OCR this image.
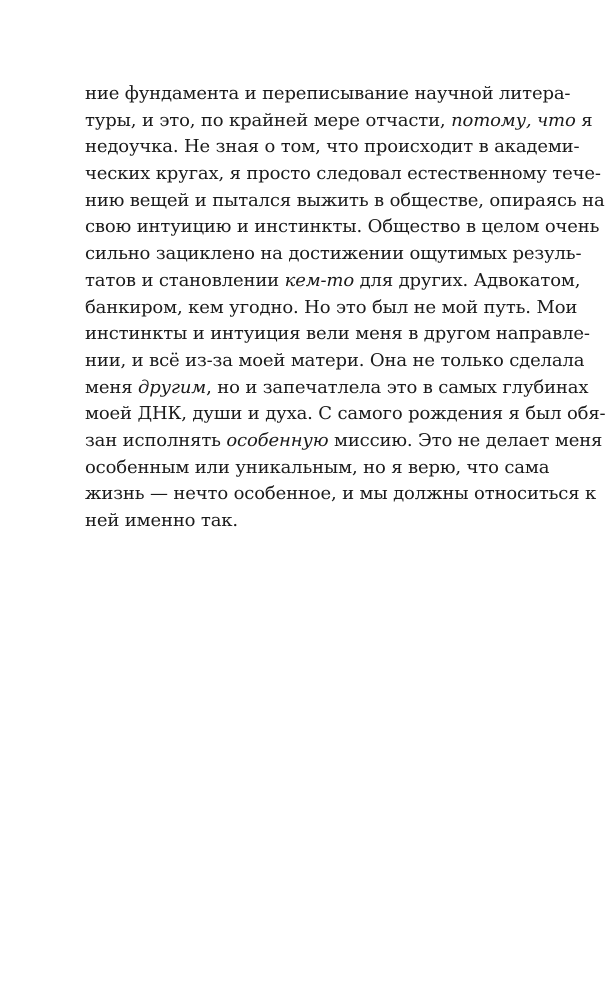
ние фундамента и переписывание научной литера-
туры, и это, по крайней мере отчасти, потому, что я
недоучка. Не зная о том, что происходит в академи-
ческих кругах, я просто следовал естественному тече-
нию вещей и пытался выжить в обществе, опираясь на
свою интуицию и инстинкты. Общество в целом очень
сильно зациклено на достижении ощутимых резуль-
татов и становлении кем-то для других. Адвокатом,
банкиром, кем угодно. Но это был не мой путь. Мои
инстинкты и интуиция вели меня в другом направле-
нии, и всё из-за моей матери. Она не только сделала
меня другим, но и запечатлела это в самых глубинах
моей ДНК, души и духа. С самого рождения я был обя-
зан исполнять особенную миссию. Это не делает меня
особенным или уникальным, но я верю, что сама
жизнь — нечто особенное, и мы должны относиться к
ней именно так.
